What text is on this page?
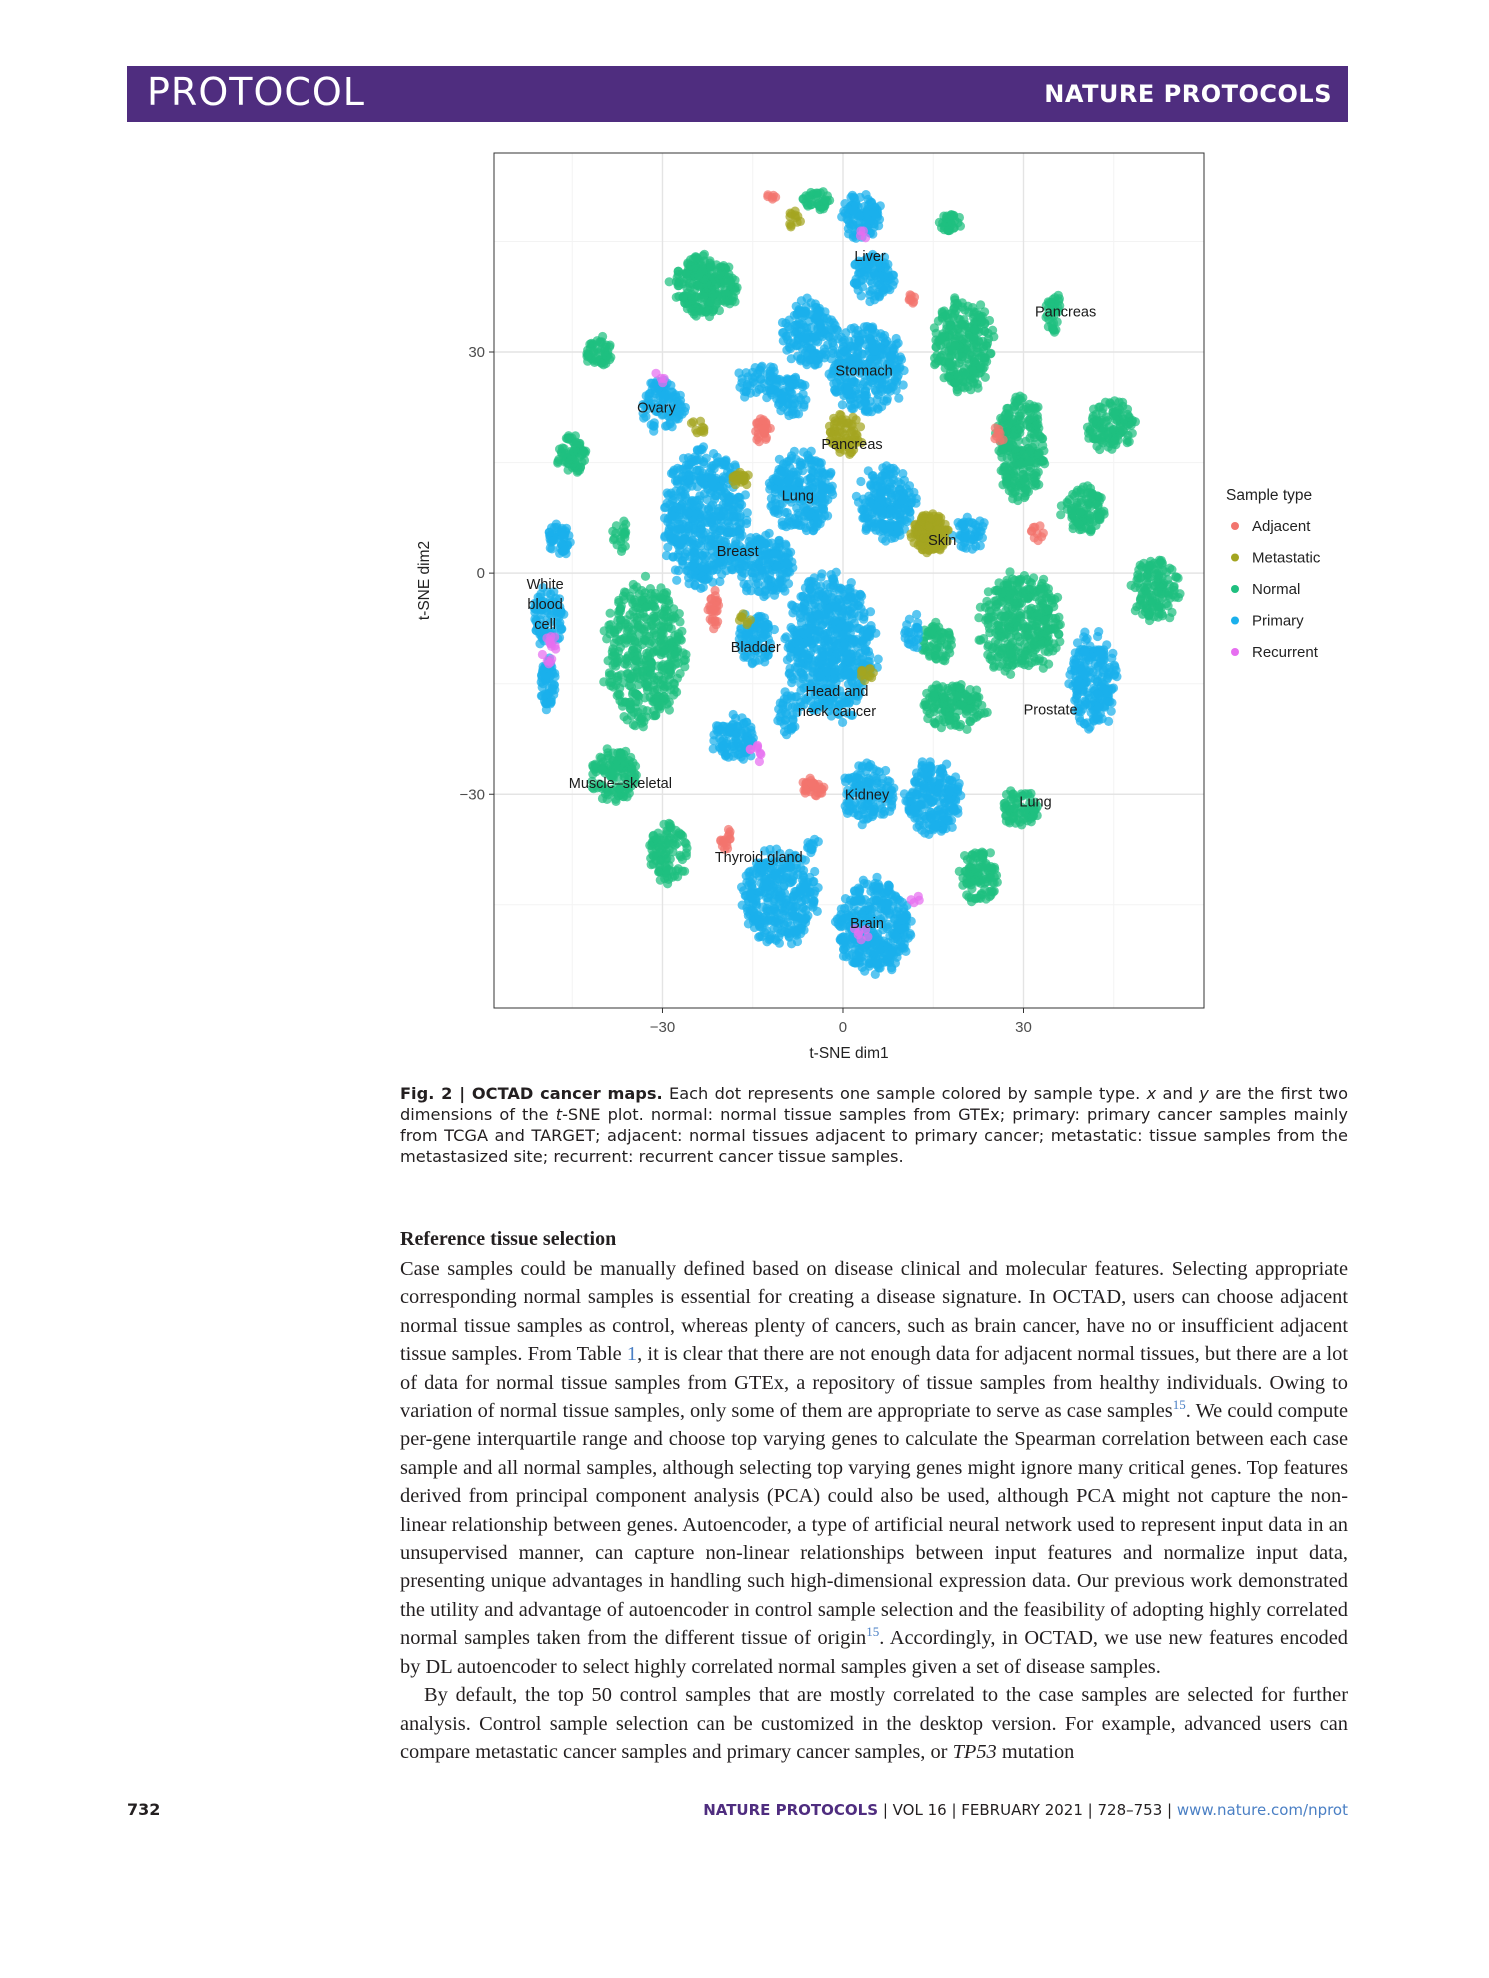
PROTOCOL	NATURE PROTOCOLS
−30	0	30
−30
0
30
t-SNE dim1
t-SNE dim2
Liver
Pancreas
Stomach
Ovary
Pancreas
Lung
Skin
Breast
White
blood
cell
Bladder
Head and
neck cancer	Prostate
Muscle–skeletal
Kidney	Lung
Thyroid gland
Brain
Sample type
Adjacent
Metastatic
Normal
Primary
Recurrent
Fig. 2 | OCTAD cancer maps. Each dot represents one sample colored by sample type. x and y are the first two dimensions of the t-SNE plot. normal: normal tissue samples from GTEx; primary: primary cancer samples mainly from TCGA and TARGET; adjacent: normal tissues adjacent to primary cancer; metastatic: tissue samples from the metastasized site; recurrent: recurrent cancer tissue samples.
Reference tissue selection

Case samples could be manually defined based on disease clinical and molecular features. Selecting appropriate corresponding normal samples is essential for creating a disease signature. In OCTAD, users can choose adjacent normal tissue samples as control, whereas plenty of cancers, such as brain cancer, have no or insufficient adjacent tissue samples. From Table 1, it is clear that there are not enough data for adjacent normal tissues, but there are a lot of data for normal tissue samples from GTEx, a repository of tissue samples from healthy individuals. Owing to variation of normal tissue samples, only some of them are appropriate to serve as case samples$^{15}$. We could compute per-gene interquartile range and choose top varying genes to calculate the Spearman correlation between each case sample and all normal samples, although selecting top varying genes might ignore many critical genes. Top features derived from principal component analysis (PCA) could also be used, although PCA might not capture the non-linear relationship between genes. Autoencoder, a type of artificial neural network used to represent input data in an unsupervised manner, can capture non-linear relationships between input features and normalize input data, presenting unique advantages in handling such high-dimensional expression data. Our previous work demonstrated the utility and advantage of autoencoder in control sample selection and the feasibility of adopting highly correlated normal samples taken from the different tissue of origin$^{15}$. Accordingly, in OCTAD, we use new features encoded by DL autoencoder to select highly correlated normal samples given a set of disease samples.

By default, the top 50 control samples that are mostly correlated to the case samples are selected for further analysis. Control sample selection can be customized in the desktop version. For example, advanced users can compare metastatic cancer samples and primary cancer samples, or TP53 mutation

732	NATURE PROTOCOLS | VOL 16 | FEBRUARY 2021 | 728–753 | www.nature.com/nprot
